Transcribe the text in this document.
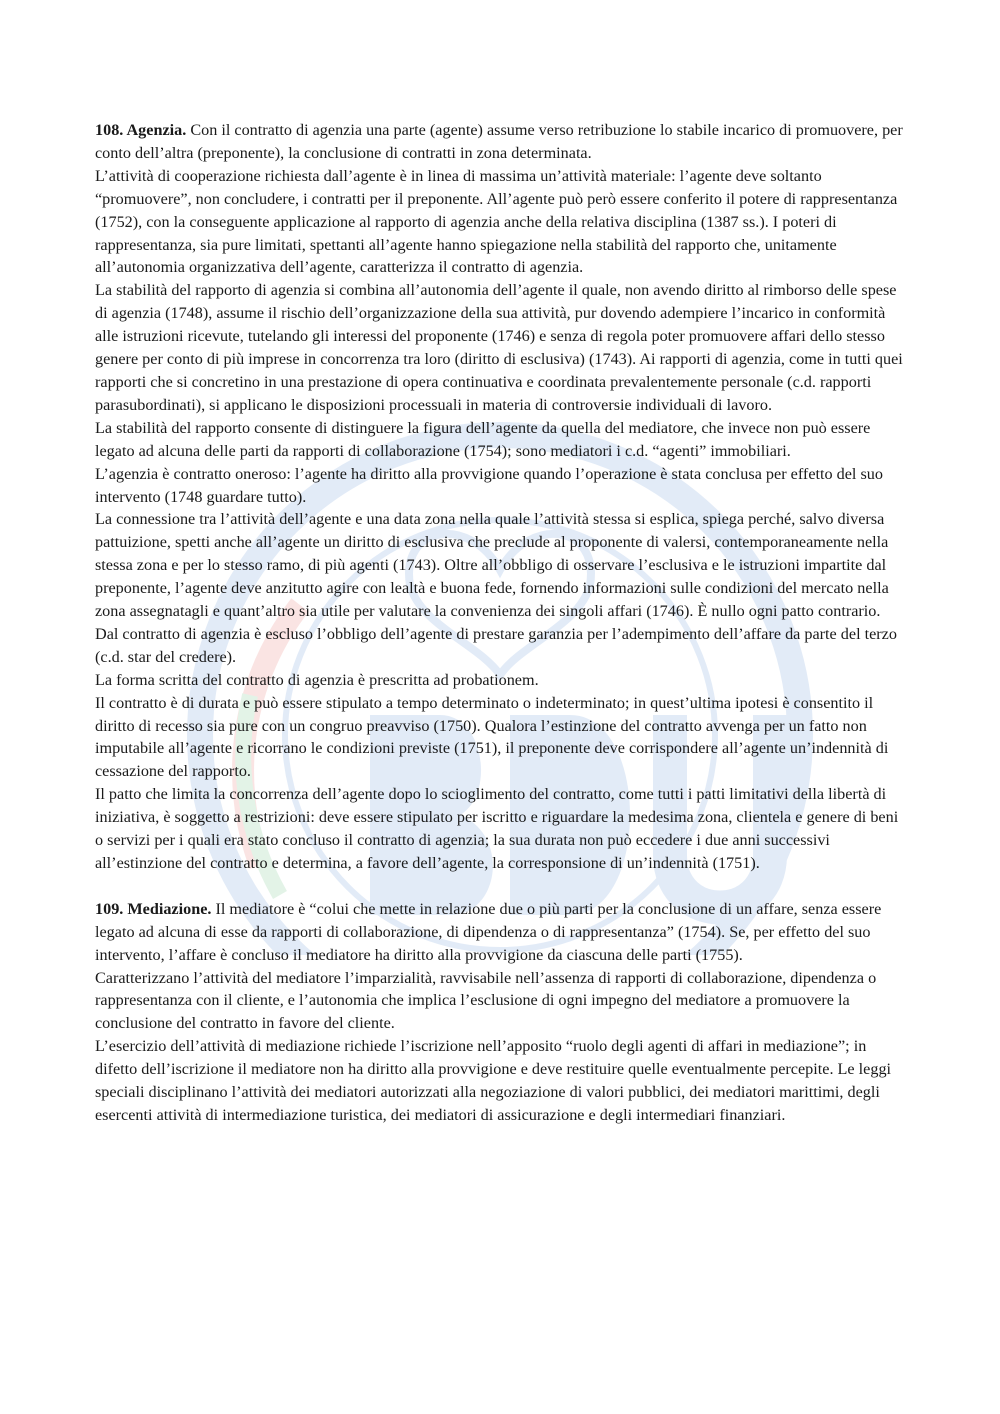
108. Agenzia. Con il contratto di agenzia una parte (agente) assume verso retribuzione lo stabile incarico di promuovere, per conto dell’altra (preponente), la conclusione di contratti in zona determinata.

L’attività di cooperazione richiesta dall’agente è in linea di massima un’attività materiale: l’agente deve soltanto “promuovere”, non concludere, i contratti per il preponente. All’agente può però essere conferito il potere di rappresentanza (1752), con la conseguente applicazione al rapporto di agenzia anche della relativa disciplina (1387 ss.). I poteri di rappresentanza, sia pure limitati, spettanti all’agente hanno spiegazione nella stabilità del rapporto che, unitamente all’autonomia organizzativa dell’agente, caratterizza il contratto di agenzia.

La stabilità del rapporto di agenzia si combina all’autonomia dell’agente il quale, non avendo diritto al rimborso delle spese di agenzia (1748), assume il rischio dell’organizzazione della sua attività, pur dovendo adempiere l’incarico in conformità alle istruzioni ricevute, tutelando gli interessi del proponente (1746) e senza di regola poter promuovere affari dello stesso genere per conto di più imprese in concorrenza tra loro (diritto di esclusiva) (1743). Ai rapporti di agenzia, come in tutti quei rapporti che si concretino in una prestazione di opera continuativa e coordinata prevalentemente personale (c.d. rapporti parasubordinati), si applicano le disposizioni processuali in materia di controversie individuali di lavoro.

La stabilità del rapporto consente di distinguere la figura dell’agente da quella del mediatore, che invece non può essere legato ad alcuna delle parti da rapporti di collaborazione (1754); sono mediatori i c.d. “agenti” immobiliari.

L’agenzia è contratto oneroso: l’agente ha diritto alla provvigione quando l’operazione è stata conclusa per effetto del suo intervento (1748 guardare tutto).

La connessione tra l’attività dell’agente e una data zona nella quale l’attività stessa si esplica, spiega perché, salvo diversa pattuizione, spetti anche all’agente un diritto di esclusiva che preclude al proponente di valersi, contemporaneamente nella stessa zona e per lo stesso ramo, di più agenti (1743). Oltre all’obbligo di osservare l’esclusiva e le istruzioni impartite dal preponente, l’agente deve anzitutto agire con lealtà e buona fede, fornendo informazioni sulle condizioni del mercato nella zona assegnatagli e quant’altro sia utile per valutare la convenienza dei singoli affari (1746). È nullo ogni patto contrario. Dal contratto di agenzia è escluso l’obbligo dell’agente di prestare garanzia per l’adempimento dell’affare da parte del terzo (c.d. star del credere).

La forma scritta del contratto di agenzia è prescritta ad probationem.

Il contratto è di durata e può essere stipulato a tempo determinato o indeterminato; in quest’ultima ipotesi è consentito il diritto di recesso sia pure con un congruo preavviso (1750). Qualora l’estinzione del contratto avvenga per un fatto non imputabile all’agente e ricorrano le condizioni previste (1751), il preponente deve corrispondere all’agente un’indennità di cessazione del rapporto.

Il patto che limita la concorrenza dell’agente dopo lo scioglimento del contratto, come tutti i patti limitativi della libertà di iniziativa, è soggetto a restrizioni: deve essere stipulato per iscritto e riguardare la medesima zona, clientela e genere di beni o servizi per i quali era stato concluso il contratto di agenzia; la sua durata non può eccedere i due anni successivi all’estinzione del contratto e determina, a favore dell’agente, la corresponsione di un’indennità (1751).

109. Mediazione. Il mediatore è “colui che mette in relazione due o più parti per la conclusione di un affare, senza essere legato ad alcuna di esse da rapporti di collaborazione, di dipendenza o di rappresentanza” (1754). Se, per effetto del suo intervento, l’affare è concluso il mediatore ha diritto alla provvigione da ciascuna delle parti (1755).

Caratterizzano l’attività del mediatore l’imparzialità, ravvisabile nell’assenza di rapporti di collaborazione, dipendenza o rappresentanza con il cliente, e l’autonomia che implica l’esclusione di ogni impegno del mediatore a promuovere la conclusione del contratto in favore del cliente.

L’esercizio dell’attività di mediazione richiede l’iscrizione nell’apposito “ruolo degli agenti di affari in mediazione”; in difetto dell’iscrizione il mediatore non ha diritto alla provvigione e deve restituire quelle eventualmente percepite. Le leggi speciali disciplinano l’attività dei mediatori autorizzati alla negoziazione di valori pubblici, dei mediatori marittimi, degli esercenti attività di intermediazione turistica, dei mediatori di assicurazione e degli intermediari finanziari.
